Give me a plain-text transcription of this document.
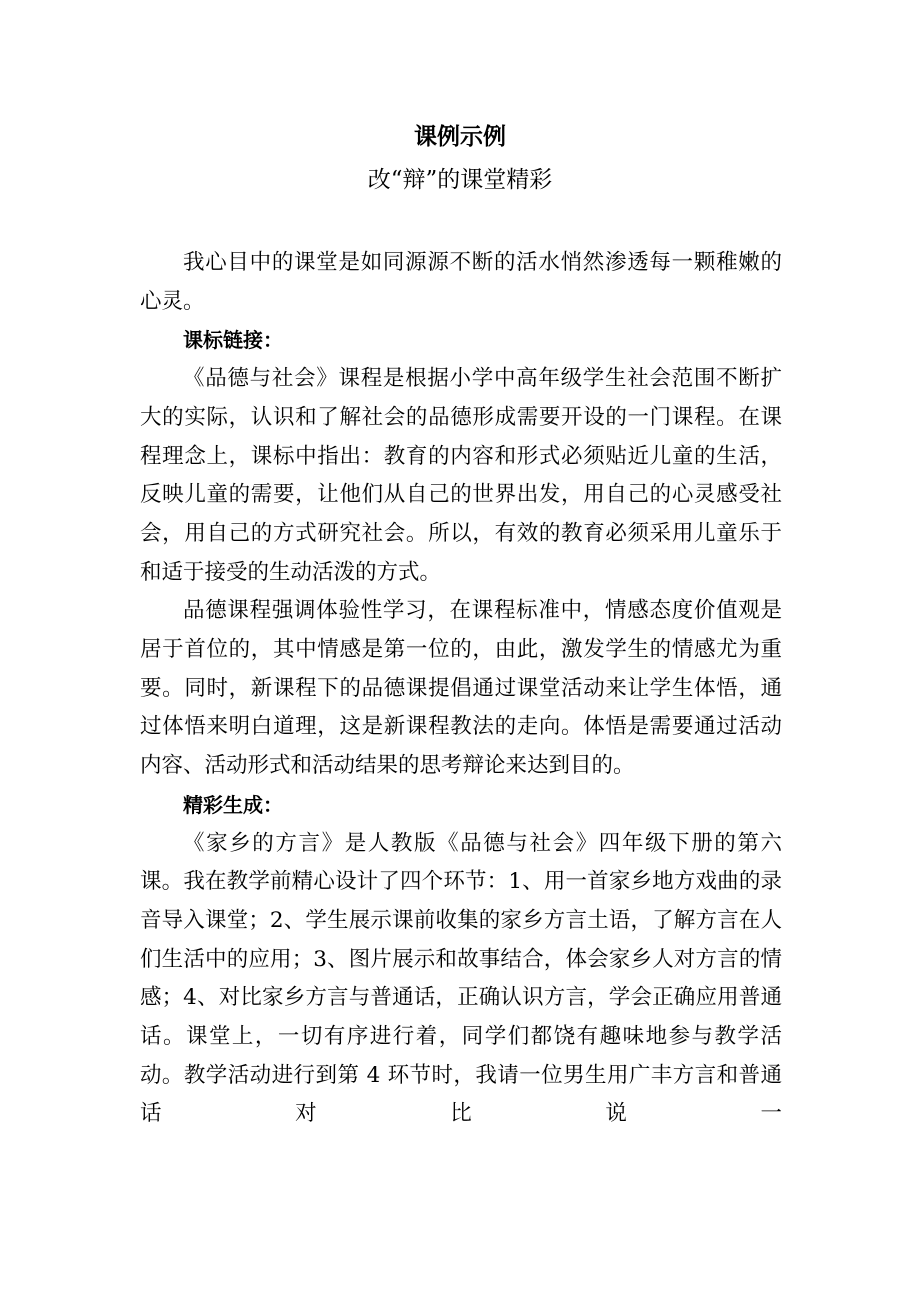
课例示例
改“辩”的课堂精彩

我心目中的课堂是如同源源不断的活水悄然渗透每一颗稚嫩的心灵。

课标链接：

《品德与社会》课程是根据小学中高年级学生社会范围不断扩大的实际，认识和了解社会的品德形成需要开设的一门课程。在课程理念上，课标中指出：教育的内容和形式必须贴近儿童的生活，反映儿童的需要，让他们从自己的世界出发，用自己的心灵感受社会，用自己的方式研究社会。所以，有效的教育必须采用儿童乐于和适于接受的生动活泼的方式。

品德课程强调体验性学习，在课程标准中，情感态度价值观是居于首位的，其中情感是第一位的，由此，激发学生的情感尤为重要。同时，新课程下的品德课提倡通过课堂活动来让学生体悟，通过体悟来明白道理，这是新课程教法的走向。体悟是需要通过活动内容、活动形式和活动结果的思考辩论来达到目的。

精彩生成：

《家乡的方言》是人教版《品德与社会》四年级下册的第六课。我在教学前精心设计了四个环节：1、用一首家乡地方戏曲的录音导入课堂；2、学生展示课前收集的家乡方言土语，了解方言在人们生活中的应用；3、图片展示和故事结合，体会家乡人对方言的情感；4、对比家乡方言与普通话，正确认识方言，学会正确应用普通话。课堂上，一切有序进行着，同学们都饶有趣味地参与教学活动。教学活动进行到第 4 环节时，我请一位男生用广丰方言和普通话对比说一
